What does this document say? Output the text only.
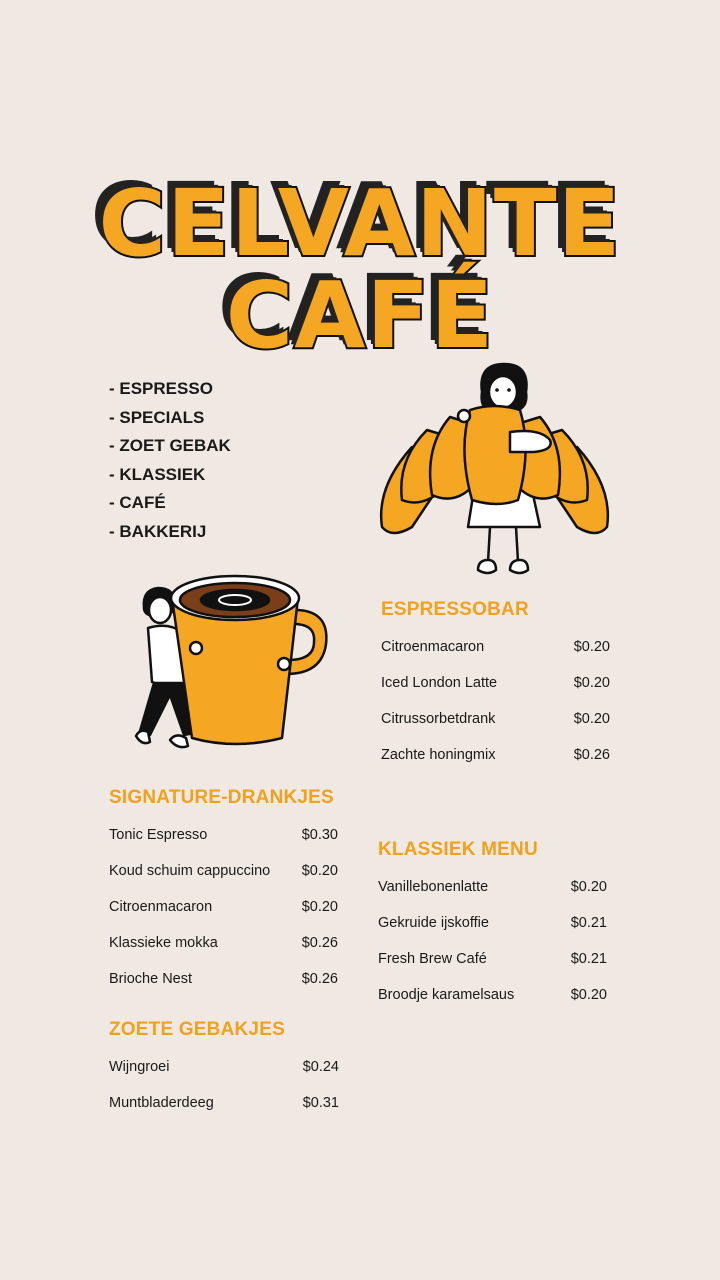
CELVANTE
CAFÉ
- ESPRESSO
- SPECIALS
- ZOET GEBAK
- KLASSIEK
- CAFÉ
- BAKKERIJ
ESPRESSOBAR
Citroenmacaron	$0.20
Iced London Latte	$0.20
Citrussorbetdrank	$0.20
Zachte honingmix	$0.26
SIGNATURE-DRANKJES
Tonic Espresso	$0.30
Koud schuim cappuccino $0.20
Citroenmacaron	$0.20
Klassieke mokka	$0.26
Brioche Nest	$0.26
KLASSIEK MENU
Vanillebonenlatte	$0.20
Gekruide ijskoffie	$0.21
Fresh Brew Café	$0.21
Broodje karamelsaus	$0.20
ZOETE GEBAKJES
Wijngroei	$0.24
Muntbladerdeeg	$0.31
